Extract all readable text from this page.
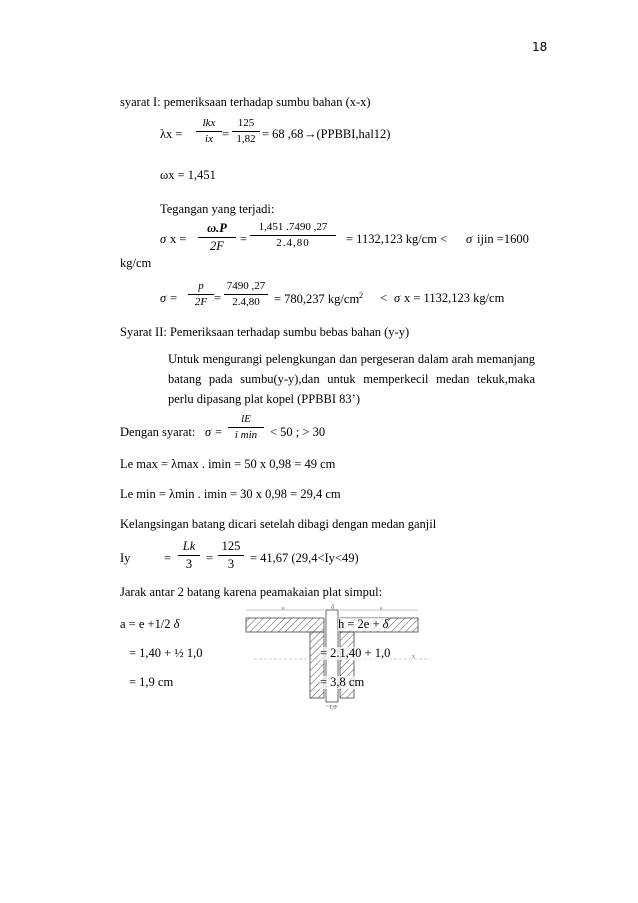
18
syarat I: pemeriksaan terhadap sumbu bahan (x-x)
λx =
lkx
ix = $\frac{125}{1,82} = 68$ ,68 →(PPBBI,hal12)
ωx = 1,451
Tegangan yang terjadi:
σ $x = \frac{\omega.P}{2F} = \frac{1,451 .7490 ,27}{2.4,80} = 1132,123$ kg/cm < σ ijin =1600
kg/cm
$\sigma = \frac{p}{2F} = \frac{7490 ,27}{2.4,80} = 780,237$ $kg/cm^2 < \sigma$ x = 1132,123 kg/cm
Syarat II: Pemeriksaan terhadap sumbu bebas bahan (y-y)
Untuk mengurangi pelengkungan dan pergeseran dalam arah memanjang batang pada sumbu(y-y),dan untuk memperkecil medan tekuk,maka perlu dipasang plat kopel (PPBBI 83’)
Dengan syarat: σ =
lE
i min	< 50 ; > 30
Le max = λmax . imin = 50 x 0,98 = 49 cm
Le min = λmin . imin = 30 x 0,98 = 29,4 cm
Kelangsingan batang dicari setelah dibagi dengan medan ganjil
Iy	= $\frac{Lk}{3} = \frac{125}{3} = 41,67$ (29,4<Iy<49)
Jarak antar 2 batang karena peamakaian plat simpul:
a = e +1/2 δ
= 1,40 + ½ 1,0
= 1,9 cm
e	e
δ
x
1,0
h = 2e + δ
= 2.1,40 + 1,0
= 3,8 cm
